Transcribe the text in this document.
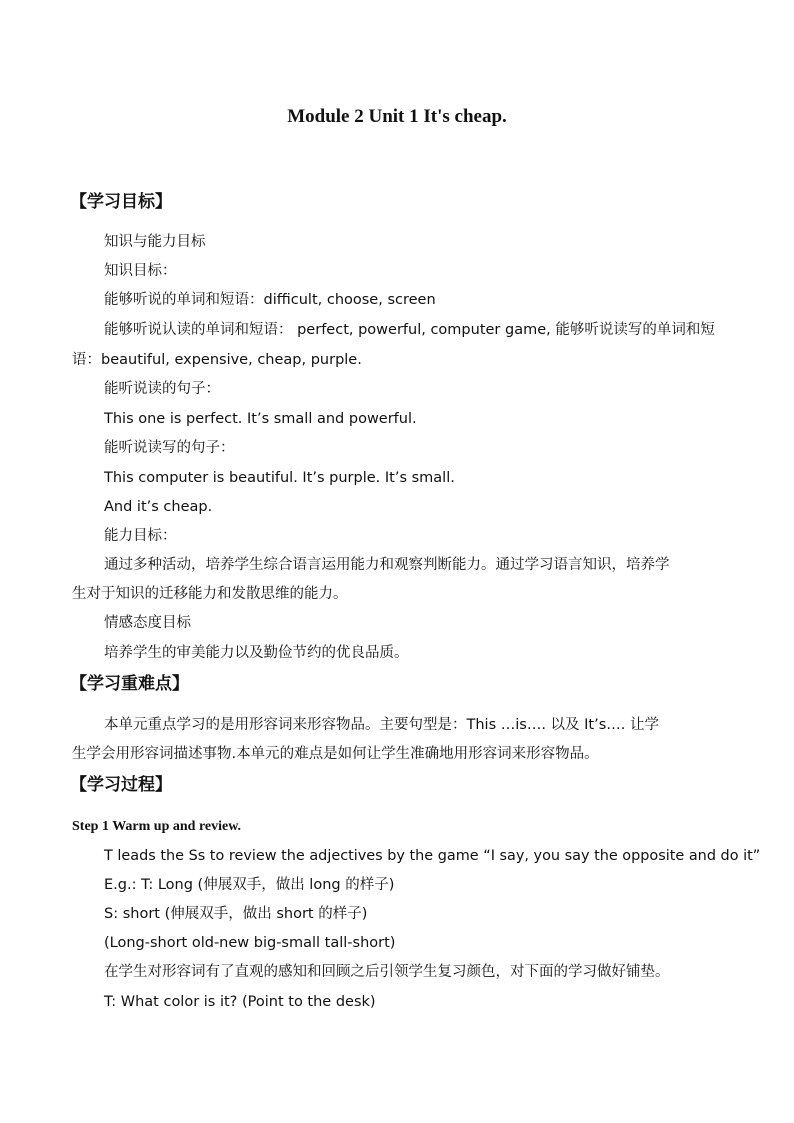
Module 2 Unit 1 It's cheap.
【学习目标】
知识与能力目标
知识目标：
能够听说的单词和短语：difficult, choose, screen
能够听说认读的单词和短语： perfect, powerful, computer game, 能够听说读写的单词和短
语：beautiful, expensive, cheap, purple.
能听说读的句子：
This one is perfect. It’s small and powerful.
能听说读写的句子：
This computer is beautiful. It’s purple. It’s small.
And it’s cheap.
能力目标：
通过多种活动，培养学生综合语言运用能力和观察判断能力。通过学习语言知识，培养学
生对于知识的迁移能力和发散思维的能力。
情感态度目标
培养学生的审美能力以及勤俭节约的优良品质。
【学习重难点】
本单元重点学习的是用形容词来形容物品。主要句型是：This …is…. 以及 It’s…. 让学
生学会用形容词描述事物.本单元的难点是如何让学生准确地用形容词来形容物品。
【学习过程】
Step 1 Warm up and review.
T leads the Ss to review the adjectives by the game “I say, you say the opposite and do it”
E.g.: T: Long (伸展双手，做出 long 的样子)
S: short (伸展双手，做出 short 的样子)
(Long-short old-new big-small tall-short)
在学生对形容词有了直观的感知和回顾之后引领学生复习颜色，对下面的学习做好铺垫。
T: What color is it? (Point to the desk)
